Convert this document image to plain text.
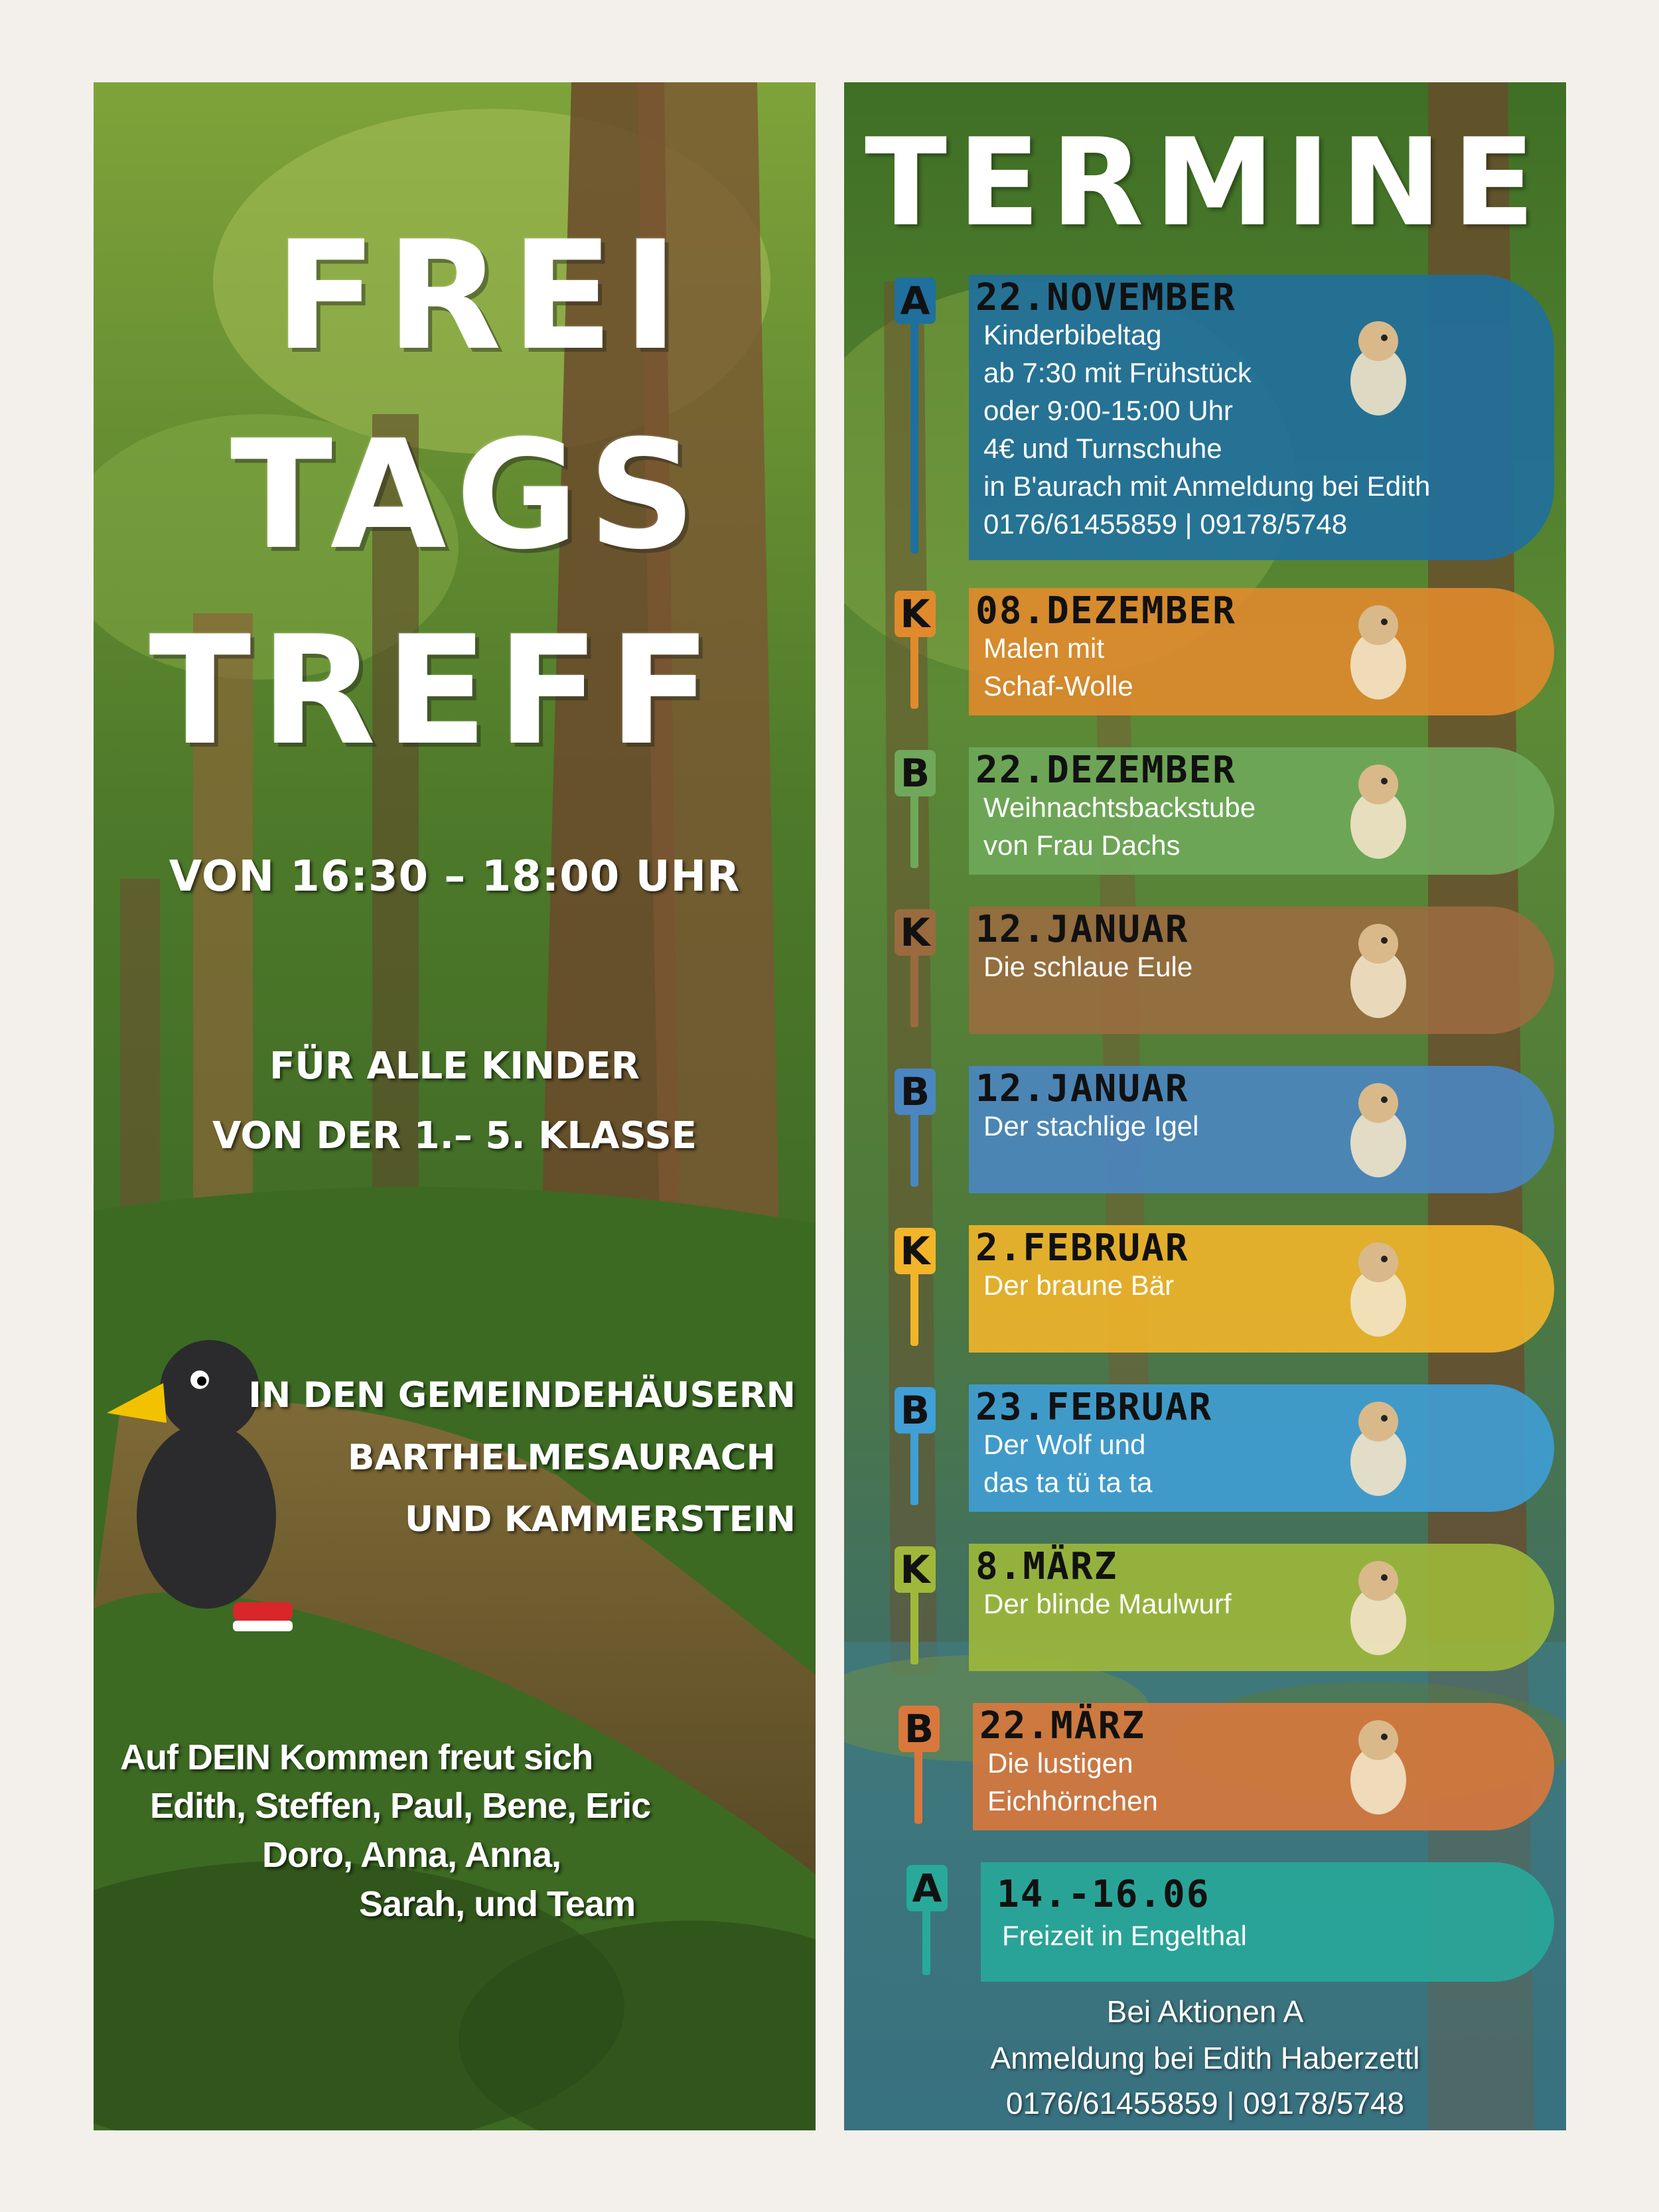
FREI
TAGS
TREFF
VON 16:30 – 18:00 UHR
FÜR ALLE KINDER
VON DER 1.– 5. KLASSE
IN DEN GEMEINDEHÄUSERN
BARTHELMESAURACH
UND KAMMERSTEIN
Auf DEIN Kommen freut sich
Edith, Steffen, Paul, Bene, Eric
Doro, Anna, Anna,
Sarah, und Team
TERMINE
A 22.NOVEMBER
Kinderbibeltag
ab 7:30 mit Frühstück
oder 9:00-15:00 Uhr
4€ und Turnschuhe
in B'aurach mit Anmeldung bei Edith
0176/61455859 | 09178/5748
K 08.DEZEMBER
Malen mit
Schaf-Wolle
B 22.DEZEMBER
Weihnachtsbackstube
von Frau Dachs
K 12.JANUAR
Die schlaue Eule
B 12.JANUAR
Der stachlige Igel
K 2.FEBRUAR
Der braune Bär
B 23.FEBRUAR
Der Wolf und
das ta tü ta ta
K 8.MÄRZ
Der blinde Maulwurf
B 22.MÄRZ
Die lustigen
Eichhörnchen
A 14.-16.06
Freizeit in Engelthal
Bei Aktionen A
Anmeldung bei Edith Haberzettl
0176/61455859 | 09178/5748
